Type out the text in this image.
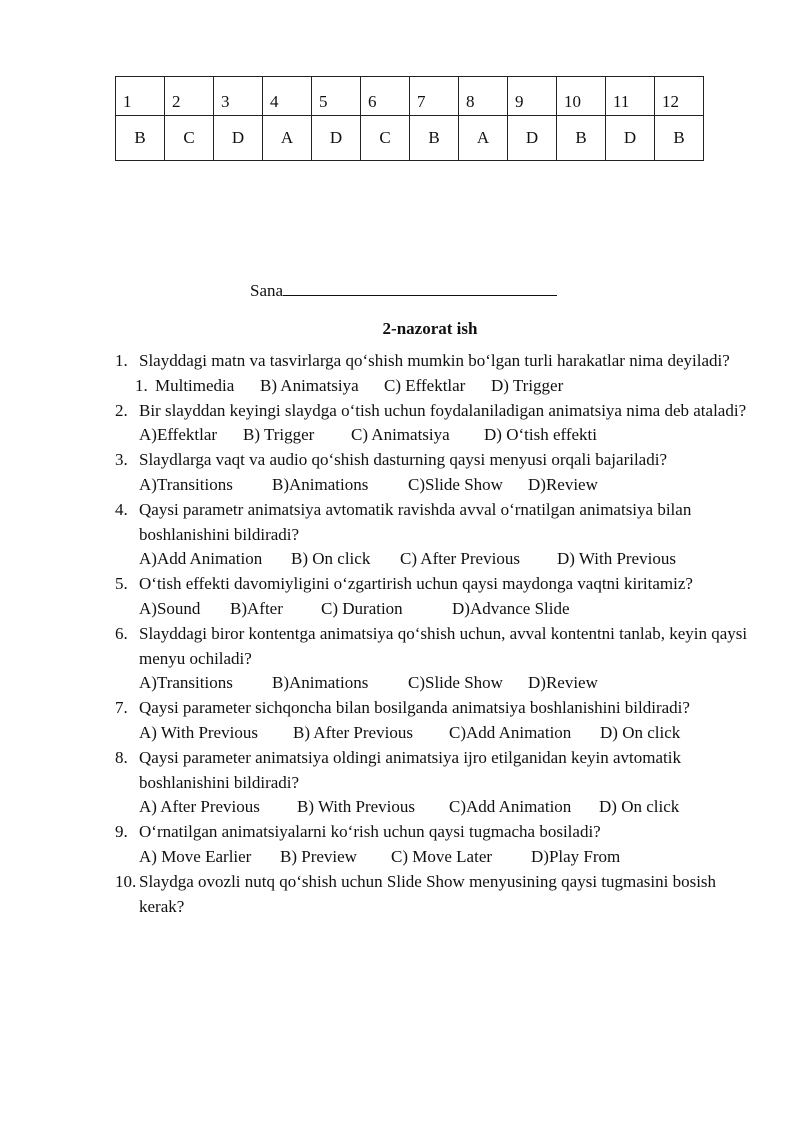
1	2	3	4	5	6	7	8	9	10	11	12
B	C	D	A	D	C	B	A	D	B	D	B
Sana
2-nazorat ish
1. Slayddagi matn va tasvirlarga qo‘shish mumkin bo‘lgan turli harakatlar nima deyiladi?
1. Multimedia B) Animatsiya C) Effektlar D) Trigger
2. Bir slayddan keyingi slaydga o‘tish uchun foydalaniladigan animatsiya nima deb ataladi?
A)Effektlar B) Trigger C) Animatsiya D) O‘tish effekti
3. Slaydlarga vaqt va audio qo‘shish dasturning qaysi menyusi orqali bajariladi?
A)Transitions B)Animations C)Slide Show D)Review
4. Qaysi parametr animatsiya avtomatik ravishda avval o‘rnatilgan animatsiya bilan boshlanishini bildiradi?
A)Add Animation B) On click C) After Previous D) With Previous
5. O‘tish effekti davomiyligini o‘zgartirish uchun qaysi maydonga vaqtni kiritamiz?
A)Sound B)After C) Duration	D)Advance Slide
6. Slayddagi biror kontentga animatsiya qo‘shish uchun, avval kontentni tanlab, keyin qaysi menyu ochiladi?
A)Transitions B)Animations C)Slide Show D)Review
7. Qaysi parameter sichqoncha bilan bosilganda animatsiya boshlanishini bildiradi?
A) With Previous B) After Previous C)Add Animation D) On click
8. Qaysi parameter animatsiya oldingi animatsiya ijro etilganidan keyin avtomatik boshlanishini bildiradi?
A) After Previous B) With Previous C)Add Animation D) On click
9. O‘rnatilgan animatsiyalarni ko‘rish uchun qaysi tugmacha bosiladi?
A) Move Earlier B) Preview C) Move Later D)Play From
10. Slaydga ovozli nutq qo‘shish uchun Slide Show menyusining qaysi tugmasini bosish kerak?
